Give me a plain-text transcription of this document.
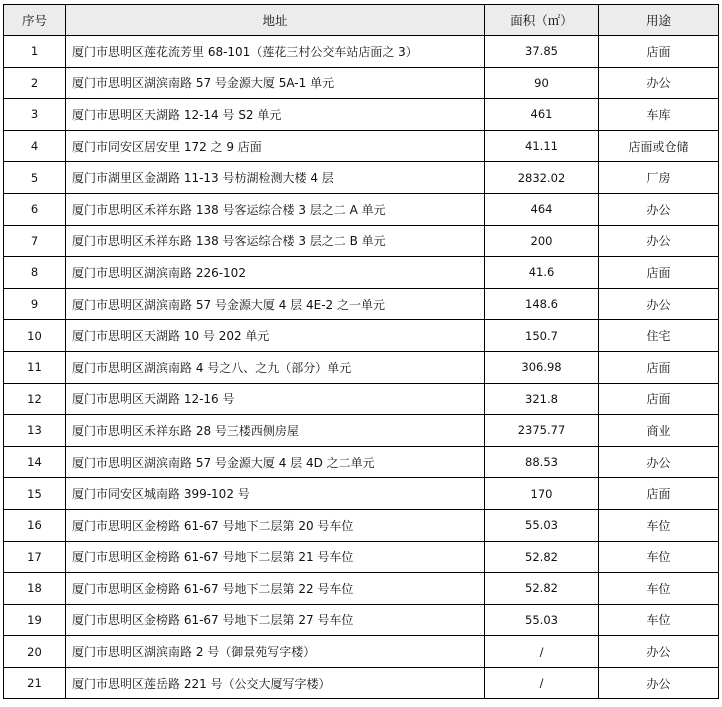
序号	地址	面积（㎡）	用途
1	厦门市思明区莲花流芳里 68-101（莲花三村公交车站店面之 3）	37.85	店面
2	厦门市思明区湖滨南路 57 号金源大厦 5A-1 单元	90	办公
3	厦门市思明区天湖路 12-14 号 S2 单元	461	车库
4	厦门市同安区居安里 172 之 9 店面	41.11	店面或仓储
5	厦门市湖里区金湖路 11-13 号枋湖检测大楼 4 层	2832.02	厂房
6	厦门市思明区禾祥东路 138 号客运综合楼 3 层之二 A 单元	464	办公
7	厦门市思明区禾祥东路 138 号客运综合楼 3 层之二 B 单元	200	办公
8	厦门市思明区湖滨南路 226-102	41.6	店面
9	厦门市思明区湖滨南路 57 号金源大厦 4 层 4E-2 之一单元	148.6	办公
10	厦门市思明区天湖路 10 号 202 单元	150.7	住宅
11	厦门市思明区湖滨南路 4 号之八、之九（部分）单元	306.98	店面
12	厦门市思明区天湖路 12-16 号	321.8	店面
13	厦门市思明区禾祥东路 28 号三楼西侧房屋	2375.77	商业
14	厦门市思明区湖滨南路 57 号金源大厦 4 层 4D 之二单元	88.53	办公
15	厦门市同安区城南路 399-102 号	170	店面
16	厦门市思明区金榜路 61-67 号地下二层第 20 号车位	55.03	车位
17	厦门市思明区金榜路 61-67 号地下二层第 21 号车位	52.82	车位
18	厦门市思明区金榜路 61-67 号地下二层第 22 号车位	52.82	车位
19	厦门市思明区金榜路 61-67 号地下二层第 27 号车位	55.03	车位
20	厦门市思明区湖滨南路 2 号（御景苑写字楼）	/	办公
21	厦门市思明区莲岳路 221 号（公交大厦写字楼）	/	办公
